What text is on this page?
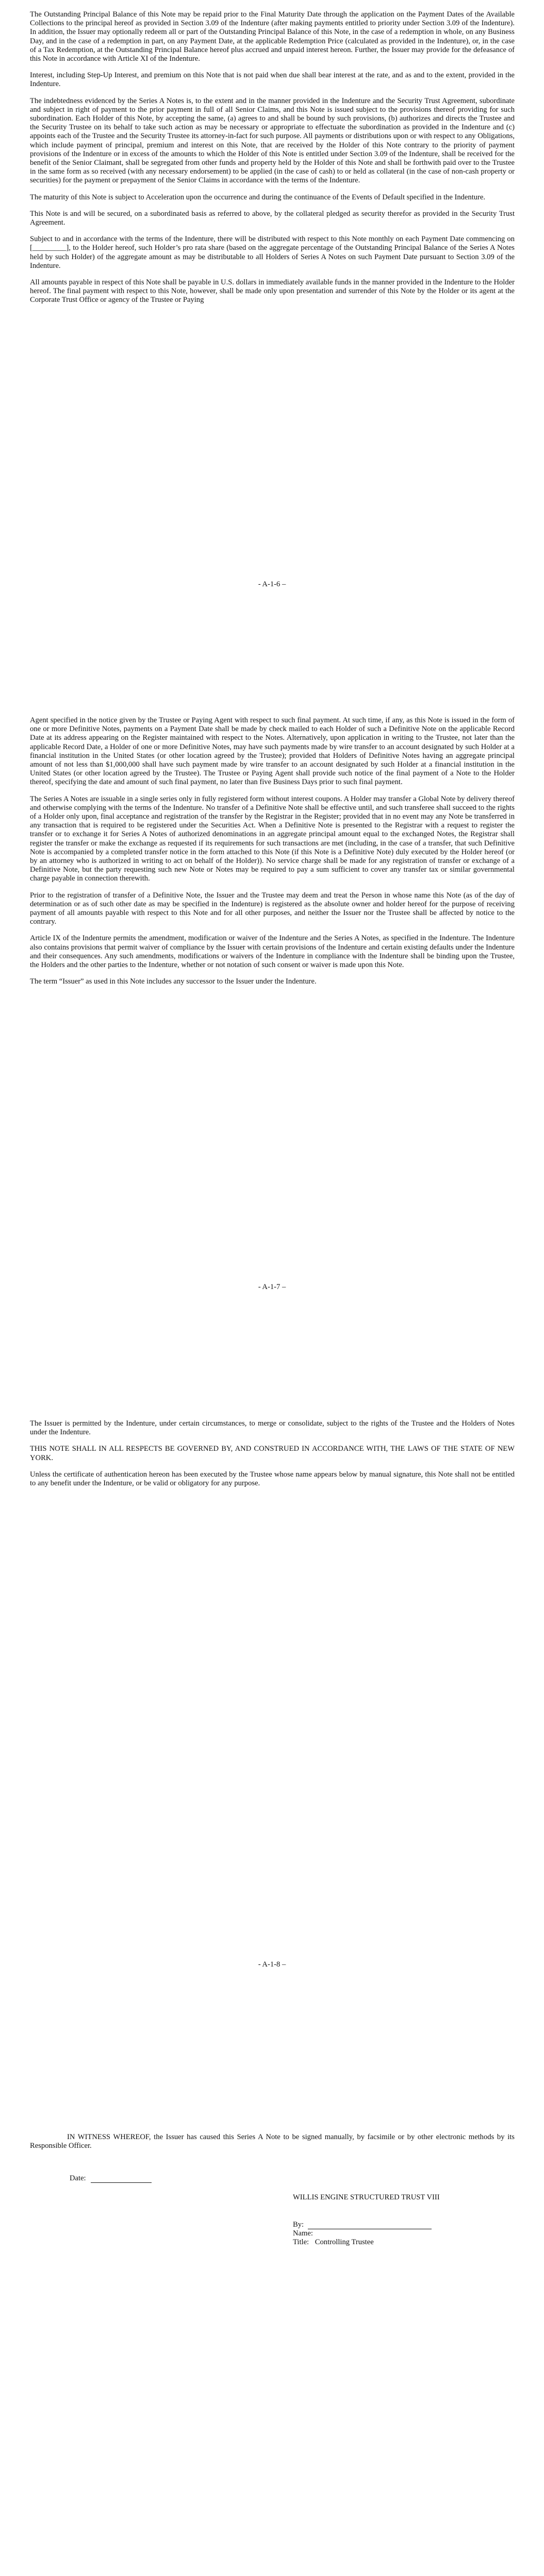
The Outstanding Principal Balance of this Note may be repaid prior to the Final Maturity Date through the application on the Payment Dates of the Available Collections to the principal hereof as provided in Section 3.09 of the Indenture (after making payments entitled to priority under Section 3.09 of the Indenture). In addition, the Issuer may optionally redeem all or part of the Outstanding Principal Balance of this Note, in the case of a redemption in whole, on any Business Day, and in the case of a redemption in part, on any Payment Date, at the applicable Redemption Price (calculated as provided in the Indenture), or, in the case of a Tax Redemption, at the Outstanding Principal Balance hereof plus accrued and unpaid interest hereon. Further, the Issuer may provide for the defeasance of this Note in accordance with Article XI of the Indenture.

Interest, including Step-Up Interest, and premium on this Note that is not paid when due shall bear interest at the rate, and as and to the extent, provided in the Indenture.

The indebtedness evidenced by the Series A Notes is, to the extent and in the manner provided in the Indenture and the Security Trust Agreement, subordinate and subject in right of payment to the prior payment in full of all Senior Claims, and this Note is issued subject to the provisions thereof providing for such subordination. Each Holder of this Note, by accepting the same, (a) agrees to and shall be bound by such provisions, (b) authorizes and directs the Trustee and the Security Trustee on its behalf to take such action as may be necessary or appropriate to effectuate the subordination as provided in the Indenture and (c) appoints each of the Trustee and the Security Trustee its attorney-in-fact for such purpose. All payments or distributions upon or with respect to any Obligations, which include payment of principal, premium and interest on this Note, that are received by the Holder of this Note contrary to the priority of payment provisions of the Indenture or in excess of the amounts to which the Holder of this Note is entitled under Section 3.09 of the Indenture, shall be received for the benefit of the Senior Claimant, shall be segregated from other funds and property held by the Holder of this Note and shall be forthwith paid over to the Trustee in the same form as so received (with any necessary endorsement) to be applied (in the case of cash) to or held as collateral (in the case of non-cash property or securities) for the payment or prepayment of the Senior Claims in accordance with the terms of the Indenture.

The maturity of this Note is subject to Acceleration upon the occurrence and during the continuance of the Events of Default specified in the Indenture.

This Note is and will be secured, on a subordinated basis as referred to above, by the collateral pledged as security therefor as provided in the Security Trust Agreement.

Subject to and in accordance with the terms of the Indenture, there will be distributed with respect to this Note monthly on each Payment Date commencing on [_________], to the Holder hereof, such Holder’s pro rata share (based on the aggregate percentage of the Outstanding Principal Balance of the Series A Notes held by such Holder) of the aggregate amount as may be distributable to all Holders of Series A Notes on such Payment Date pursuant to Section 3.09 of the Indenture.

All amounts payable in respect of this Note shall be payable in U.S. dollars in immediately available funds in the manner provided in the Indenture to the Holder hereof. The final payment with respect to this Note, however, shall be made only upon presentation and surrender of this Note by the Holder or its agent at the Corporate Trust Office or agency of the Trustee or Paying

- A-1-6 –

Agent specified in the notice given by the Trustee or Paying Agent with respect to such final payment. At such time, if any, as this Note is issued in the form of one or more Definitive Notes, payments on a Payment Date shall be made by check mailed to each Holder of such a Definitive Note on the applicable Record Date at its address appearing on the Register maintained with respect to the Notes. Alternatively, upon application in writing to the Trustee, not later than the applicable Record Date, a Holder of one or more Definitive Notes, may have such payments made by wire transfer to an account designated by such Holder at a financial institution in the United States (or other location agreed by the Trustee); provided that Holders of Definitive Notes having an aggregate principal amount of not less than $1,000,000 shall have such payment made by wire transfer to an account designated by such Holder at a financial institution in the United States (or other location agreed by the Trustee). The Trustee or Paying Agent shall provide such notice of the final payment of a Note to the Holder thereof, specifying the date and amount of such final payment, no later than five Business Days prior to such final payment.

The Series A Notes are issuable in a single series only in fully registered form without interest coupons. A Holder may transfer a Global Note by delivery thereof and otherwise complying with the terms of the Indenture. No transfer of a Definitive Note shall be effective until, and such transferee shall succeed to the rights of a Holder only upon, final acceptance and registration of the transfer by the Registrar in the Register; provided that in no event may any Note be transferred in any transaction that is required to be registered under the Securities Act. When a Definitive Note is presented to the Registrar with a request to register the transfer or to exchange it for Series A Notes of authorized denominations in an aggregate principal amount equal to the exchanged Notes, the Registrar shall register the transfer or make the exchange as requested if its requirements for such transactions are met (including, in the case of a transfer, that such Definitive Note is accompanied by a completed transfer notice in the form attached to this Note (if this Note is a Definitive Note) duly executed by the Holder hereof (or by an attorney who is authorized in writing to act on behalf of the Holder)). No service charge shall be made for any registration of transfer or exchange of a Definitive Note, but the party requesting such new Note or Notes may be required to pay a sum sufficient to cover any transfer tax or similar governmental charge payable in connection therewith.

Prior to the registration of transfer of a Definitive Note, the Issuer and the Trustee may deem and treat the Person in whose name this Note (as of the day of determination or as of such other date as may be specified in the Indenture) is registered as the absolute owner and holder hereof for the purpose of receiving payment of all amounts payable with respect to this Note and for all other purposes, and neither the Issuer nor the Trustee shall be affected by notice to the contrary.

Article IX of the Indenture permits the amendment, modification or waiver of the Indenture and the Series A Notes, as specified in the Indenture. The Indenture also contains provisions that permit waiver of compliance by the Issuer with certain provisions of the Indenture and certain existing defaults under the Indenture and their consequences. Any such amendments, modifications or waivers of the Indenture in compliance with the Indenture shall be binding upon the Trustee, the Holders and the other parties to the Indenture, whether or not notation of such consent or waiver is made upon this Note.

The term “Issuer” as used in this Note includes any successor to the Issuer under the Indenture.

- A-1-7 –

The Issuer is permitted by the Indenture, under certain circumstances, to merge or consolidate, subject to the rights of the Trustee and the Holders of Notes under the Indenture.

THIS NOTE SHALL IN ALL RESPECTS BE GOVERNED BY, AND CONSTRUED IN ACCORDANCE WITH, THE LAWS OF THE STATE OF NEW YORK.

Unless the certificate of authentication hereon has been executed by the Trustee whose name appears below by manual signature, this Note shall not be entitled to any benefit under the Indenture, or be valid or obligatory for any purpose.

- A-1-8 –

IN WITNESS WHEREOF, the Issuer has caused this Series A Note to be signed manually, by facsimile or by other electronic methods by its Responsible Officer.

Date:
WILLIS ENGINE STRUCTURED TRUST VIII
By:
Name:
Title: Controlling Trustee
